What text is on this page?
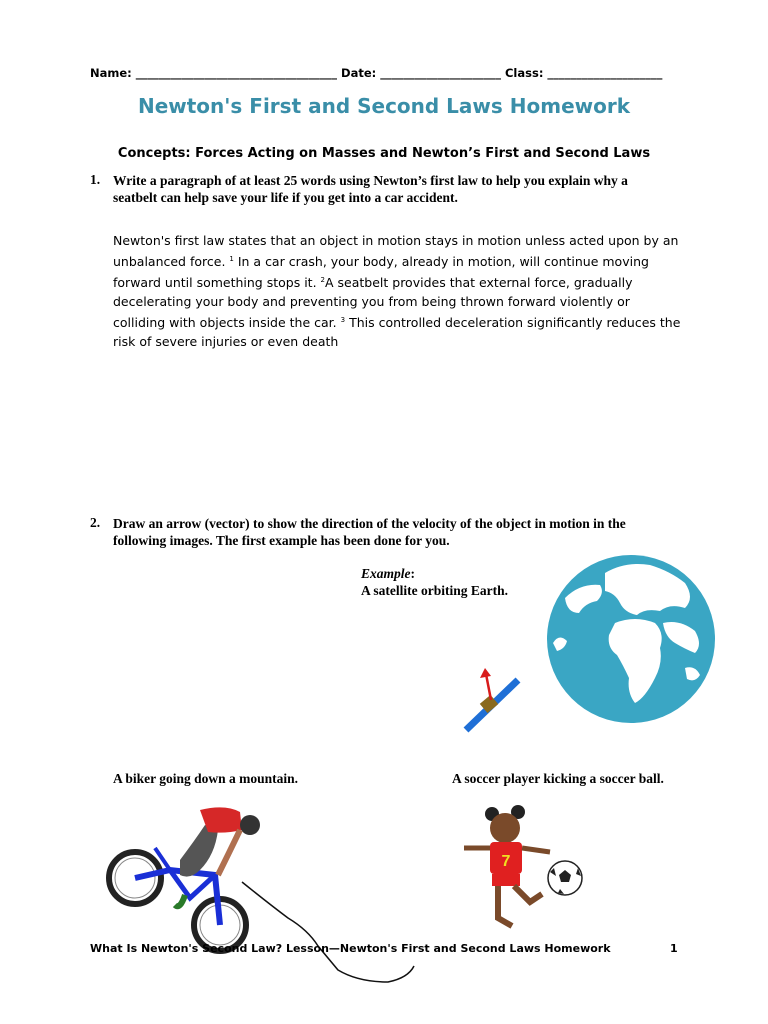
Name: ___________________________________ Date: _____________________ Class: ____________________
Newton's First and Second Laws Homework
Concepts: Forces Acting on Masses and Newton’s First and Second Laws
1. Write a paragraph of at least 25 words using Newton’s first law to help you explain why a seatbelt can help save your life if you get into a car accident.
Newton's first law states that an object in motion stays in motion unless acted upon by an unbalanced force. $^1$ In a car crash, your body, already in motion, will continue moving forward until something stops it. $^2$A seatbelt provides that external force, gradually decelerating your body and preventing you from being thrown forward violently or colliding with objects inside the car. $^3$ This controlled deceleration significantly reduces the risk of severe injuries or even death
2. Draw an arrow (vector) to show the direction of the velocity of the object in motion in the following images. The first example has been done for you.
Example:
A satellite orbiting Earth.
A biker going down a mountain.	A soccer player kicking a soccer ball.
7
What Is Newton's Second Law? Lesson—Newton's First and Second Laws Homework	1
